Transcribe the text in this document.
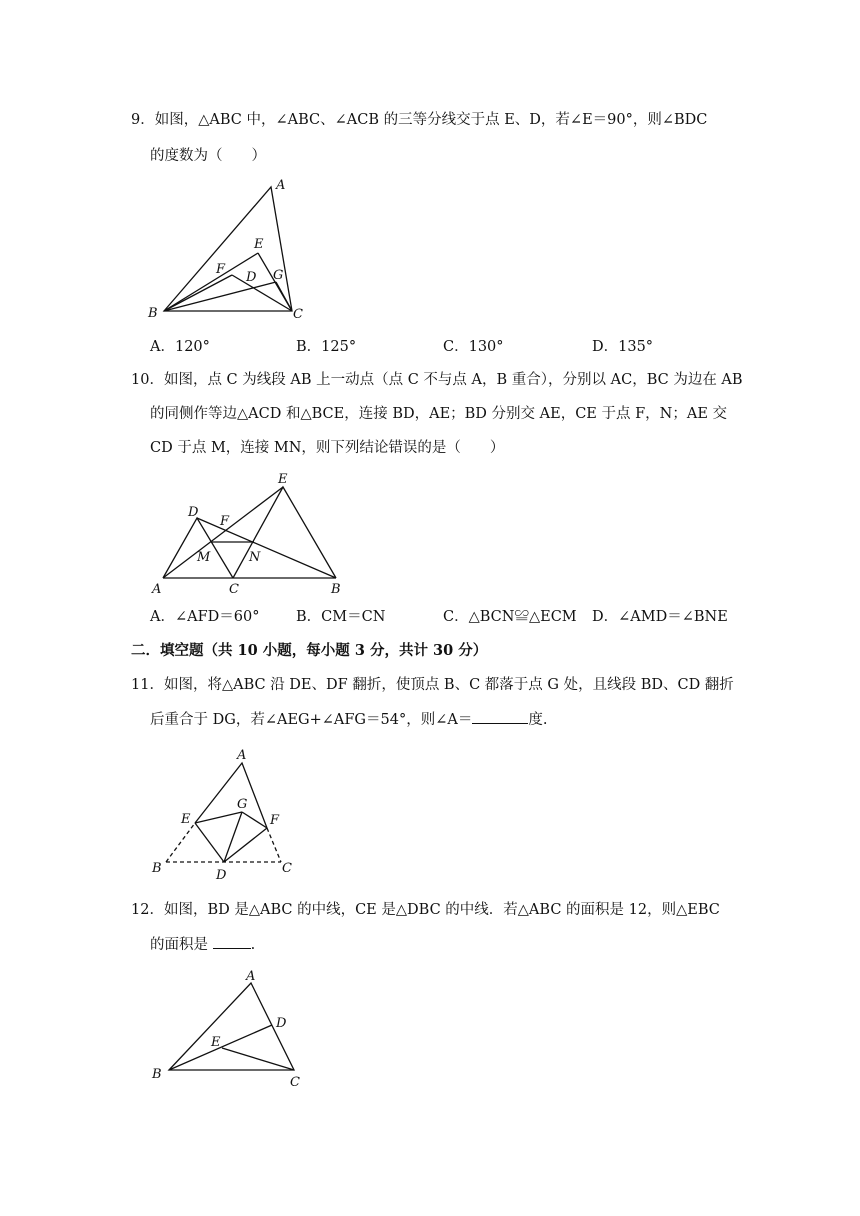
9．如图，△ABC 中，∠ABC、∠ACB 的三等分线交于点 E、D，若∠E＝90°，则∠BDC
的度数为（　　）
A
B	C
D
E
F	G
A．120°	B．125°	C．130°	D．135°
10．如图，点 C 为线段 AB 上一动点（点 C 不与点 A，B 重合），分别以 AC，BC 为边在 AB
的同侧作等边△ACD 和△BCE，连接 BD，AE；BD 分别交 AE，CE 于点 F，N；AE 交
CD 于点 M，连接 MN，则下列结论错误的是（　　）
E
D
F
M	N
A	C	B
A．∠AFD＝60°	B．CM＝CN	C．△BCN≌△ECM D．∠AMD＝∠BNE
二．填空题（共 10 小题，每小题 3 分，共计 30 分）
11．如图，将△ABC 沿 DE、DF 翻折，使顶点 B、C 都落于点 G 处，且线段 BD、CD 翻折
后重合于 DG，若∠AEG+∠AFG＝54°，则∠A＝	度.
A
G
E	F
B	D	C
12．如图，BD 是△ABC 的中线，CE 是△DBC 的中线．若△ABC 的面积是 12，则△EBC
的面积是	.
A
D
E
B
C
